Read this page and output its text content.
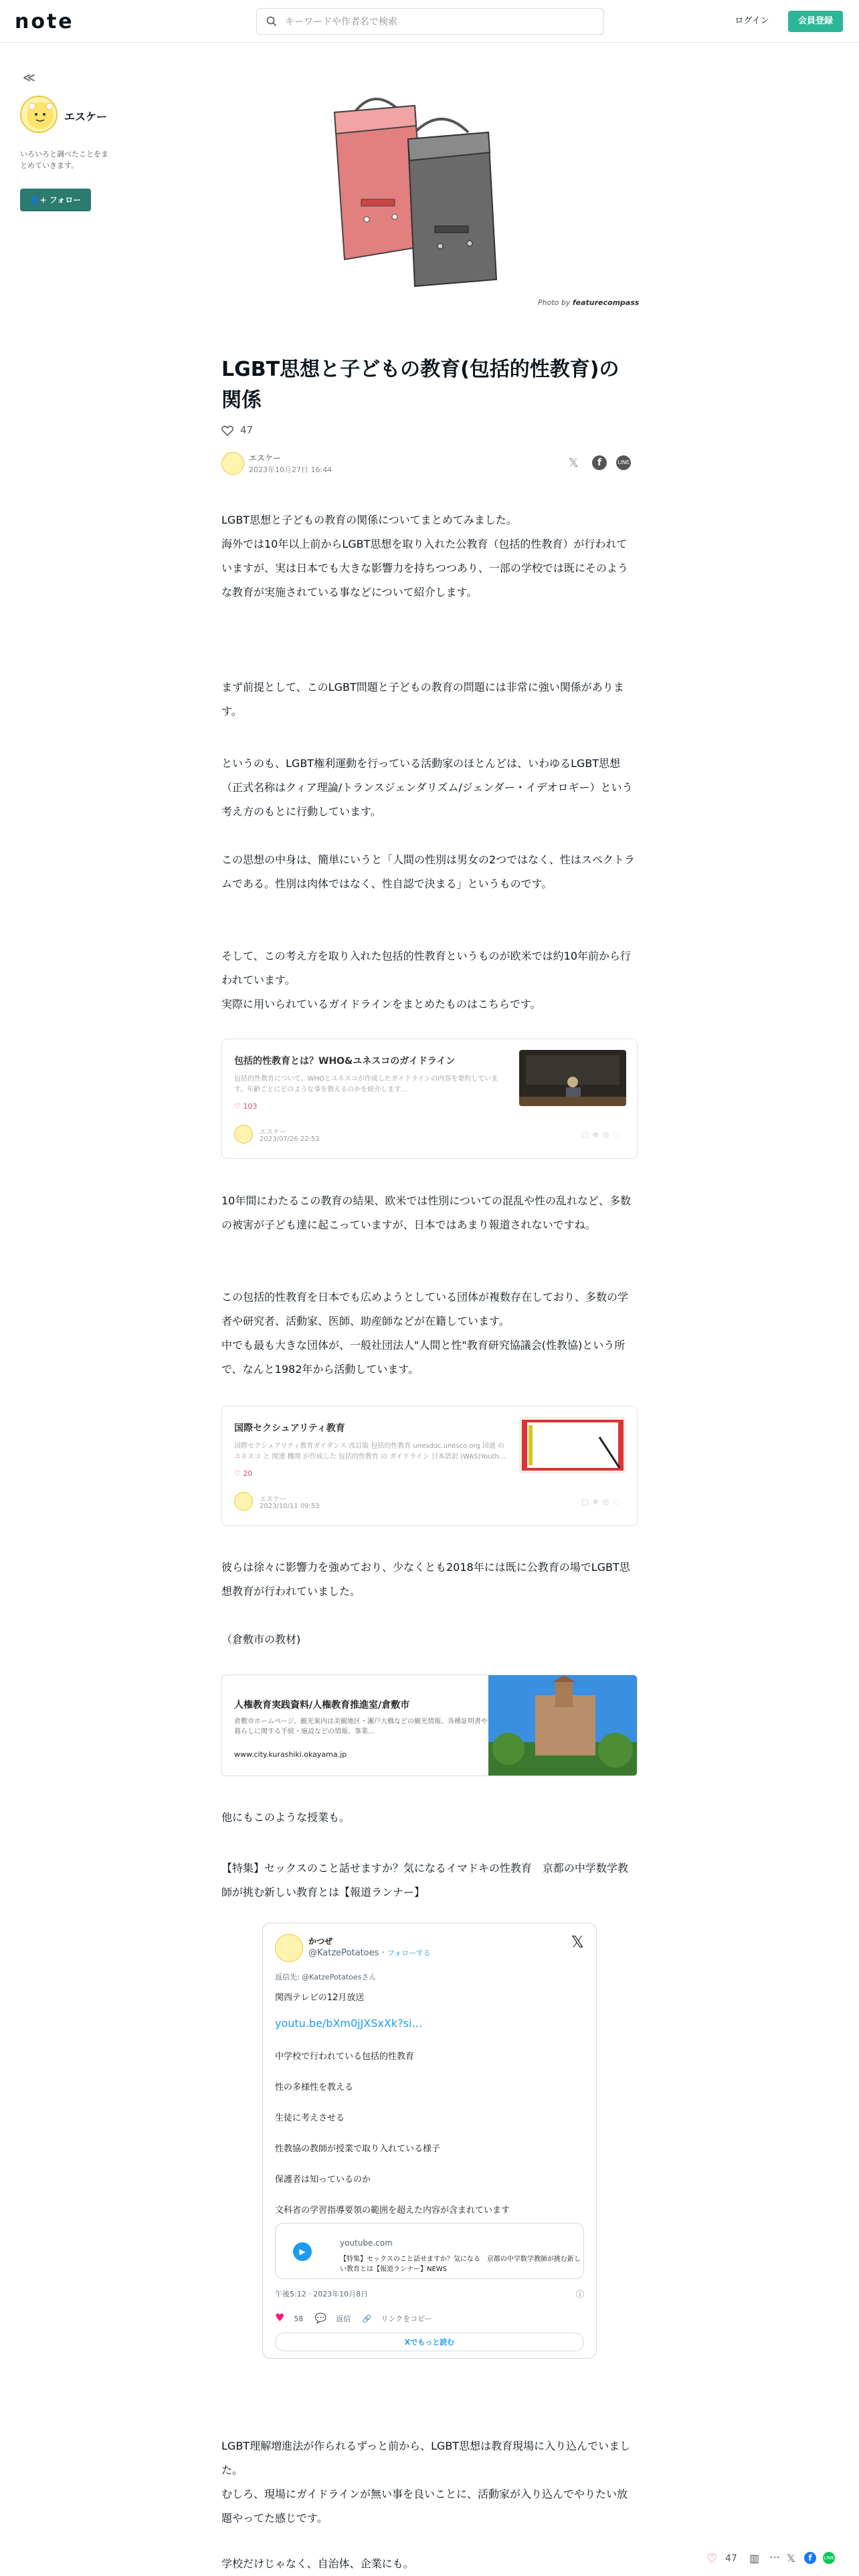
note
キーワードや作者名で検索	ログイン	会員登録
≪
エスケー
いろいろと調べたことをまとめていきます。
👤+ フォロー
Photo by featurecompass
LGBT思想と子どもの教育(包括的性教育)の関係
47
エスケー
2023年10月27日 16:44	𝕏	f	LINE
LGBT思想と子どもの教育の関係についてまとめてみました。
海外では10年以上前からLGBT思想を取り入れた公教育（包括的性教育）が行われていますが、実は日本でも大きな影響力を持ちつつあり、一部の学校では既にそのような教育が実施されている事などについて紹介します。
まず前提として、このLGBT問題と子どもの教育の問題には非常に強い関係があります。
というのも、LGBT権利運動を行っている活動家のほとんどは、いわゆるLGBT思想（正式名称はクィア理論/トランスジェンダリズム/ジェンダー・イデオロギー）という考え方のもとに行動しています。
この思想の中身は、簡単にいうと「人間の性別は男女の2つではなく、性はスペクトラムである。性別は肉体ではなく、性自認で決まる」というものです。
そして、この考え方を取り入れた包括的性教育というものが欧米では約10年前から行われています。
実際に用いられているガイドラインをまとめたものはこちらです。
包括的性教育とは？WHO&ユネスコのガイドライン
包括的性教育について、WHOとユネスコが作成したガイドラインの内容を要約しています。年齢ごとにどのような事を教えるのかを紹介します…
♡ 103
エスケー
2023/07/26 22:52
▢⊕◎◌
10年間にわたるこの教育の結果、欧米では性別についての混乱や性の乱れなど、多数の被害が子ども達に起こっていますが、日本ではあまり報道されないですね。
この包括的性教育を日本でも広めようとしている団体が複数存在しており、多数の学者や研究者、活動家、医師、助産師などが在籍しています。
中でも最も大きな団体が、一般社団法人"人間と性"教育研究協議会(性教協)という所で、なんと1982年から活動しています。
国際セクシュアリティ教育
国際セクシュアリティ教育ガイダンス 改訂版 包括的性教育 unesdoc.unesco.org 国連 の ユネスコ と 関連 機関 が作成した 包括的性教育 の ガイドライン 日本語訳 (WAS)Youth…
♡ 20
エスケー
2023/10/11 09:53
▢⊕◎◌
彼らは徐々に影響力を強めており、少なくとも2018年には既に公教育の場でLGBT思想教育が行われていました。
（倉敷市の教材)
人権教育実践資料/人権教育推進室/倉敷市
倉敷市ホームページ。観光案内は美観地区・瀬戸大橋などの観光情報、各種証明書や暮らしに関する手続・施設などの情報、事業…
www.city.kurashiki.okayama.jp
他にもこのような授業も。
【特集】セックスのこと話せますか？気になるイマドキの性教育　京都の中学数学教師が挑む新しい教育とは【報道ランナー】
かつぜ
@KatzePotatoes · フォローする
𝕏
返信先: @KatzePotatoesさん
関西テレビの12月放送
youtu.be/bXm0jJXSxXk?si…
中学校で行われている包括的性教育
性の多様性を教える
生徒に考えさせる
性教協の教師が授業で取り入れている様子
保護者は知っているのか
文科省の学習指導要領の範囲を超えた内容が含まれています
▶
youtube.com
【特集】セックスのこと話せますか？気になる　京都の中学数学教師が挑む新しい教育とは【報道ランナー】NEWS
午後5:12 · 2023年10月8日	ⓘ
♥ 58 💬 返信 🔗 リンクをコピー
Xでもっと読む
LGBT理解増進法が作られるずっと前から、LGBT思想は教育現場に入り込んでいました。
むしろ、現場にガイドラインが無い事を良いことに、活動家が入り込んでやりたい放題やってた感じです。
学校だけじゃなく、自治体、企業にも。	♡ 47 ▥ ⋯ 𝕏	f	LINE
